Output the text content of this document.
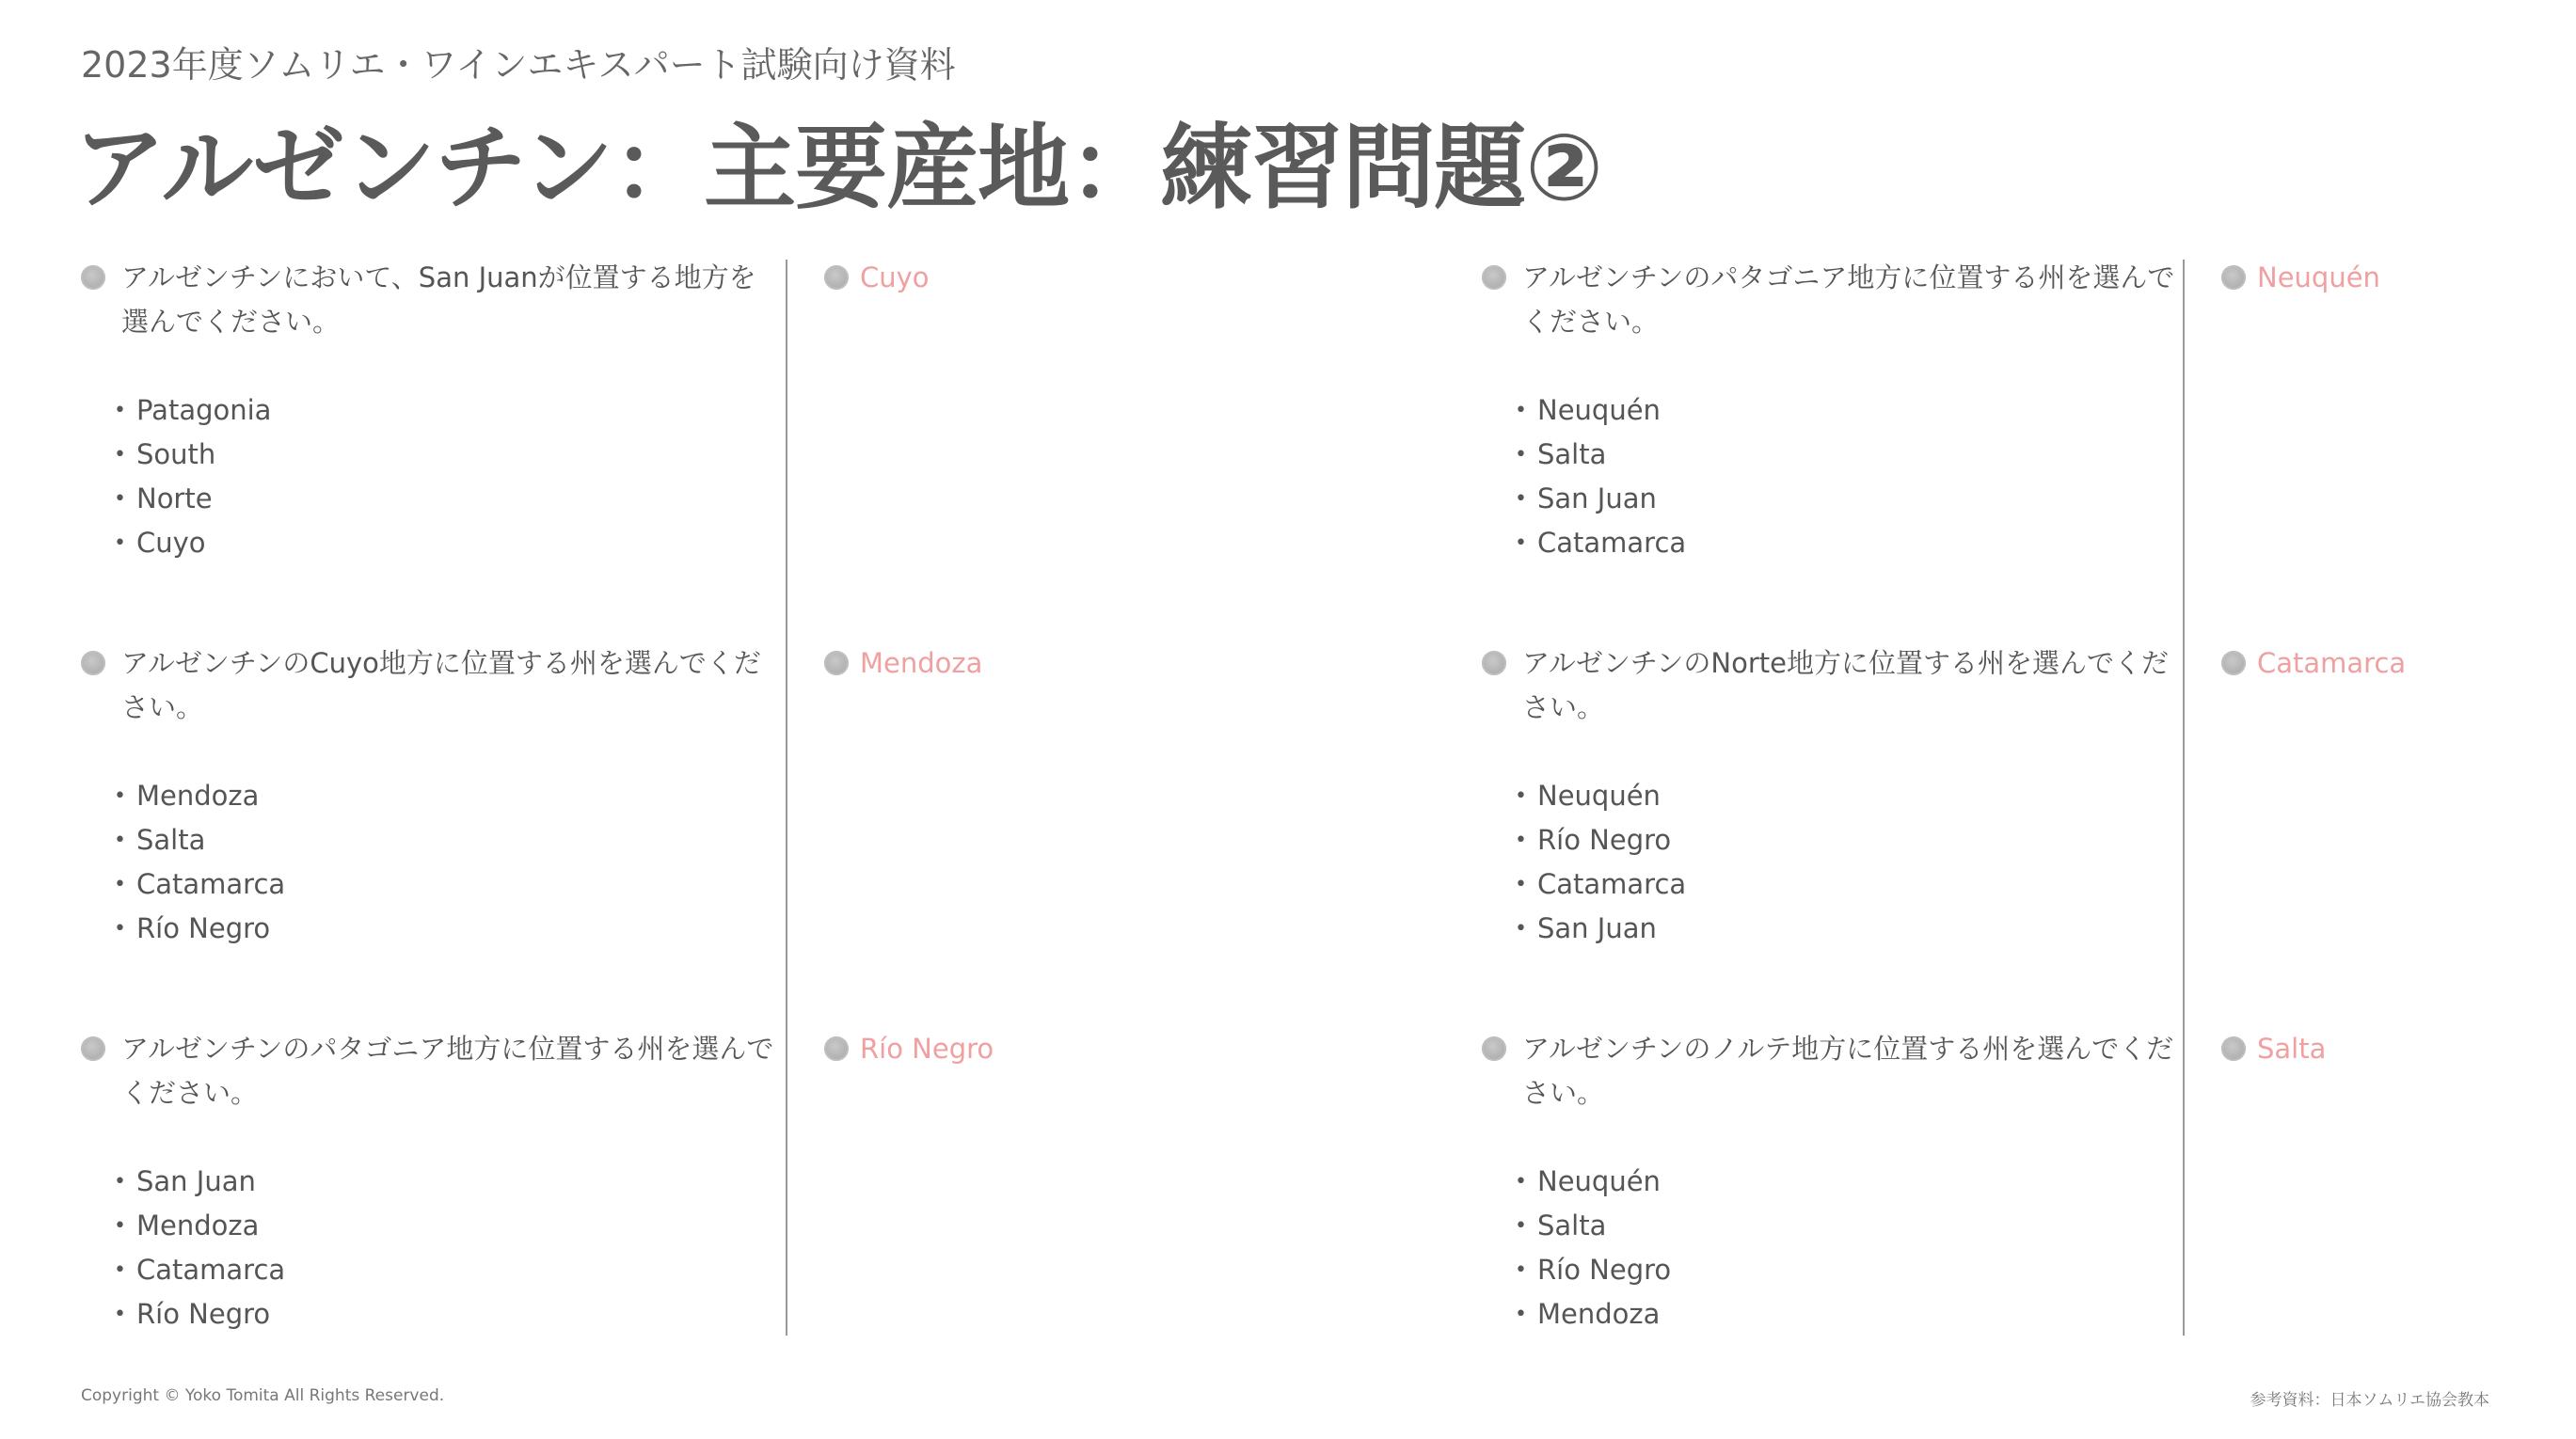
2023年度ソムリエ・ワインエキスパート試験向け資料
アルゼンチン：主要産地：練習問題②
アルゼンチンにおいて、San Juanが位置する地方を選んでください。
• Patagonia
• South
• Norte
• Cuyo
Cuyo
アルゼンチンのCuyo地方に位置する州を選んでください。
• Mendoza
• Salta
• Catamarca
• Río Negro
Mendoza
アルゼンチンのパタゴニア地方に位置する州を選んでください。
• San Juan
• Mendoza
• Catamarca
• Río Negro
Río Negro
アルゼンチンのパタゴニア地方に位置する州を選んでください。
• Neuquén
• Salta
• San Juan
• Catamarca
Neuquén
アルゼンチンのNorte地方に位置する州を選んでください。
• Neuquén
• Río Negro
• Catamarca
• San Juan
Catamarca
アルゼンチンのノルテ地方に位置する州を選んでください。
• Neuquén
• Salta
• Río Negro
• Mendoza
Salta
Copyright © Yoko Tomita All Rights Reserved.	参考資料：日本ソムリエ協会教本
